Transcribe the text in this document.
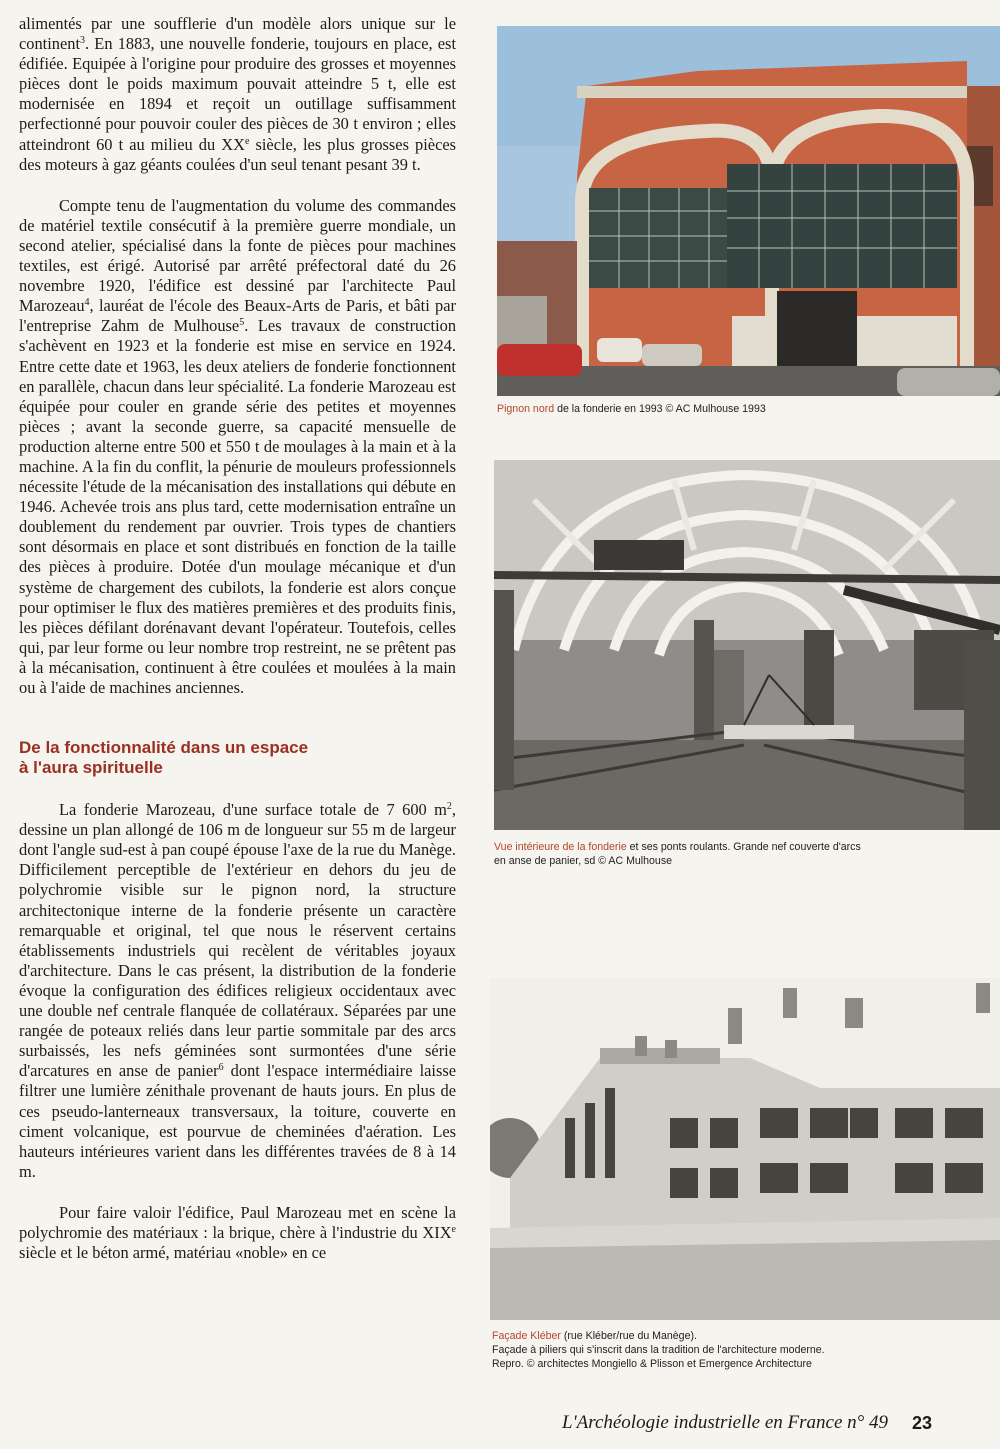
alimentés par une soufflerie d'un modèle alors unique sur le continent$^3$. En 1883, une nouvelle fonderie, toujours en place, est édifiée. Equipée à l'origine pour produire des grosses et moyennes pièces dont le poids maximum pouvait atteindre 5 t, elle est modernisée en 1894 et reçoit un outillage suffisamment perfectionné pour pouvoir couler des pièces de 30 t environ ; elles atteindront 60 t au milieu du XXe siècle, les plus grosses pièces des moteurs à gaz géants coulées d'un seul tenant pesant 39 t.

Compte tenu de l'augmentation du volume des commandes de matériel textile consécutif à la première guerre mondiale, un second atelier, spécialisé dans la fonte de pièces pour machines textiles, est érigé. Autorisé par arrêté préfectoral daté du 26 novembre 1920, l'édifice est dessiné par l'architecte Paul Marozeau$^4$, lauréat de l'école des Beaux-Arts de Paris, et bâti par l'entreprise Zahm de Mulhouse$^5$. Les travaux de construction s'achèvent en 1923 et la fonderie est mise en service en 1924. Entre cette date et 1963, les deux ateliers de fonderie fonctionnent en parallèle, chacun dans leur spécialité. La fonderie Marozeau est équipée pour couler en grande série des petites et moyennes pièces ; avant la seconde guerre, sa capacité mensuelle de production alterne entre 500 et 550 t de moulages à la main et à la machine. A la fin du conflit, la pénurie de mouleurs professionnels nécessite l'étude de la mécanisation des installations qui débute en 1946. Achevée trois ans plus tard, cette modernisation entraîne un doublement du rendement par ouvrier. Trois types de chantiers sont désormais en place et sont distribués en fonction de la taille des pièces à produire. Dotée d'un moulage mécanique et d'un système de chargement des cubilots, la fonderie est alors conçue pour optimiser le flux des matières premières et des produits finis, les pièces défilant dorénavant devant l'opérateur. Toutefois, celles qui, par leur forme ou leur nombre trop restreint, ne se prêtent pas à la mécanisation, continuent à être coulées et moulées à la main ou à l'aide de machines anciennes.

De la fonctionnalité dans un espace
à l'aura spirituelle

La fonderie Marozeau, d'une surface totale de 7 600 $m^2$, dessine un plan allongé de 106 m de longueur sur 55 m de largeur dont l'angle sud-est à pan coupé épouse l'axe de la rue du Manège. Difficilement perceptible de l'extérieur en dehors du jeu de polychromie visible sur le pignon nord, la structure architectonique interne de la fonderie présente un caractère remarquable et original, tel que nous le réservent certains établissements industriels qui recèlent de véritables joyaux d'architecture. Dans le cas présent, la distribution de la fonderie évoque la configuration des édifices religieux occidentaux avec une double nef centrale flanquée de collatéraux. Séparées par une rangée de poteaux reliés dans leur partie sommitale par des arcs surbaissés, les nefs géminées sont surmontées d'une série d'arcatures en anse de panier$^6$ dont l'espace intermédiaire laisse filtrer une lumière zénithale provenant de hauts jours. En plus de ces pseudo-lanterneaux transversaux, la toiture, couverte en ciment volcanique, est pourvue de cheminées d'aération. Les hauteurs intérieures varient dans les différentes travées de 8 à 14 m.

Pour faire valoir l'édifice, Paul Marozeau met en scène la polychromie des matériaux : la brique, chère à l'industrie du XIXe siècle et le béton armé, matériau «noble» en ce

Pignon nord de la fonderie en 1993 © AC Mulhouse 1993
Vue intérieure de la fonderie et ses ponts roulants. Grande nef couverte d'arcs
en anse de panier, sd © AC Mulhouse
Façade Kléber (rue Kléber/rue du Manège).
Façade à piliers qui s'inscrit dans la tradition de l'architecture moderne.
Repro. © architectes Mongiello & Plisson et Emergence Architecture
L'Archéologie industrielle en France n° 49 23
